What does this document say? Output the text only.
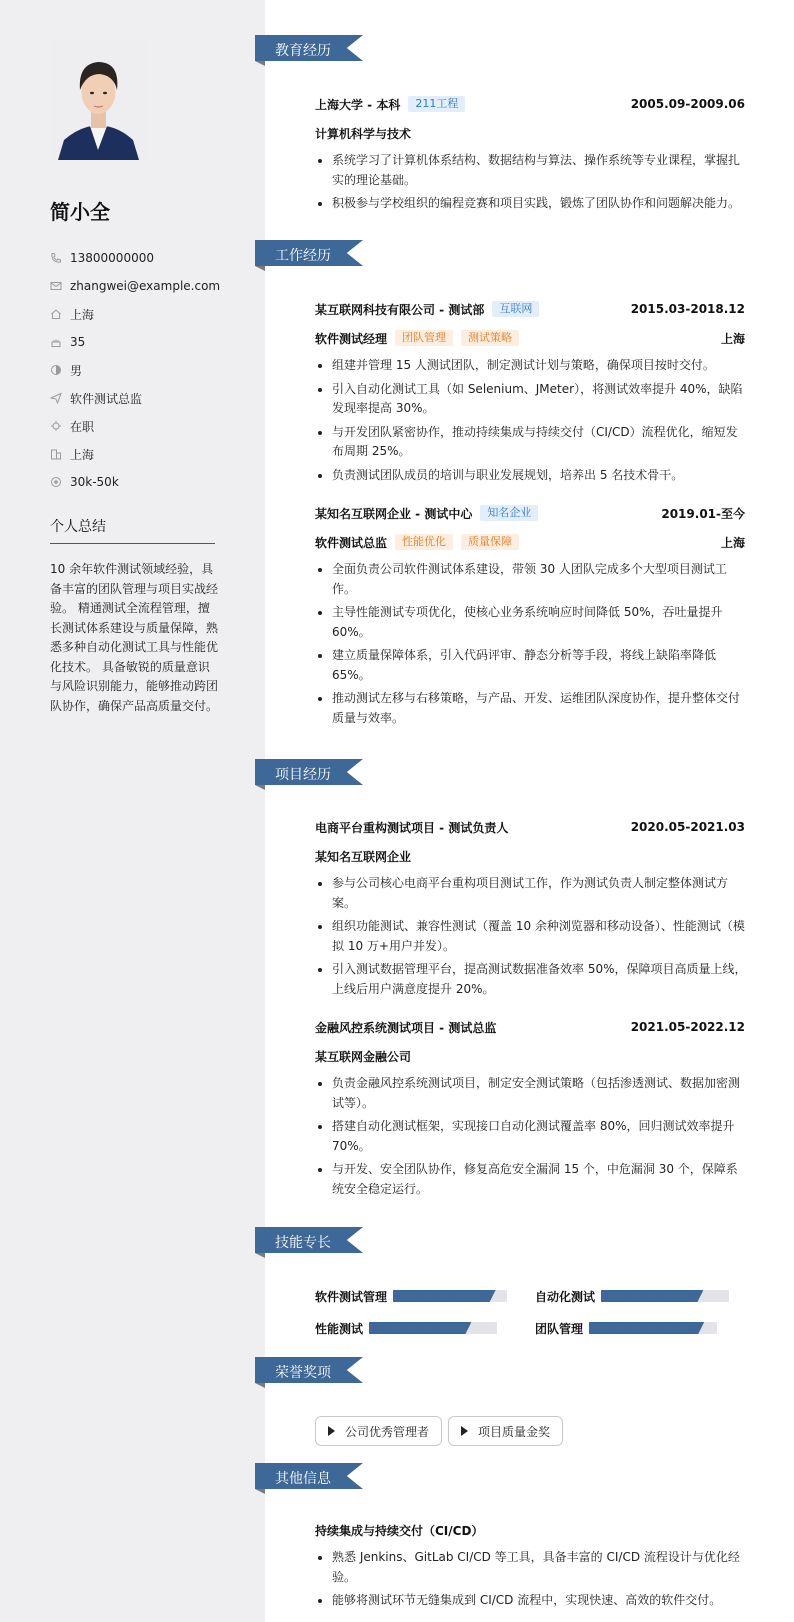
简小全
13800000000
zhangwei@example.com
上海
35
男
软件测试总监
在职
上海
30k-50k
个人总结
10 余年软件测试领域经验，具备丰富的团队管理与项目实战经验。 精通测试全流程管理，擅长测试体系建设与质量保障，熟悉多种自动化测试工具与性能优化技术。 具备敏锐的质量意识与风险识别能力，能够推动跨团队协作，确保产品高质量交付。
教育经历
上海大学 - 本科	211工程	2005.09-2009.06
计算机科学与技术
系统学习了计算机体系结构、数据结构与算法、操作系统等专业课程，掌握扎实的理论基础。
积极参与学校组织的编程竞赛和项目实践，锻炼了团队协作和问题解决能力。
工作经历
某互联网科技有限公司 - 测试部	互联网	2015.03-2018.12
软件测试经理	团队管理	测试策略	上海
组建并管理 15 人测试团队，制定测试计划与策略，确保项目按时交付。
引入自动化测试工具（如 Selenium、JMeter），将测试效率提升 40%，缺陷发现率提高 30%。
与开发团队紧密协作，推动持续集成与持续交付（CI/CD）流程优化，缩短发布周期 25%。
负责测试团队成员的培训与职业发展规划，培养出 5 名技术骨干。
某知名互联网企业 - 测试中心	知名企业	2019.01-至今
软件测试总监	性能优化	质量保障	上海
全面负责公司软件测试体系建设，带领 30 人团队完成多个大型项目测试工作。
主导性能测试专项优化，使核心业务系统响应时间降低 50%，吞吐量提升 60%。
建立质量保障体系，引入代码评审、静态分析等手段，将线上缺陷率降低 65%。
推动测试左移与右移策略，与产品、开发、运维团队深度协作，提升整体交付质量与效率。
项目经历
电商平台重构测试项目 - 测试负责人	2020.05-2021.03
某知名互联网企业
参与公司核心电商平台重构项目测试工作，作为测试负责人制定整体测试方案。
组织功能测试、兼容性测试（覆盖 10 余种浏览器和移动设备）、性能测试（模拟 10 万+用户并发）。
引入测试数据管理平台，提高测试数据准备效率 50%，保障项目高质量上线，上线后用户满意度提升 20%。
金融风控系统测试项目 - 测试总监	2021.05-2022.12
某互联网金融公司
负责金融风控系统测试项目，制定安全测试策略（包括渗透测试、数据加密测试等）。
搭建自动化测试框架，实现接口自动化测试覆盖率 80%，回归测试效率提升 70%。
与开发、安全团队协作，修复高危安全漏洞 15 个，中危漏洞 30 个，保障系统安全稳定运行。
技能专长
软件测试管理	自动化测试
性能测试	团队管理
荣誉奖项
公司优秀管理者	项目质量金奖
其他信息
持续集成与持续交付（CI/CD）
熟悉 Jenkins、GitLab CI/CD 等工具，具备丰富的 CI/CD 流程设计与优化经验。
能够将测试环节无缝集成到 CI/CD 流程中，实现快速、高效的软件交付。
